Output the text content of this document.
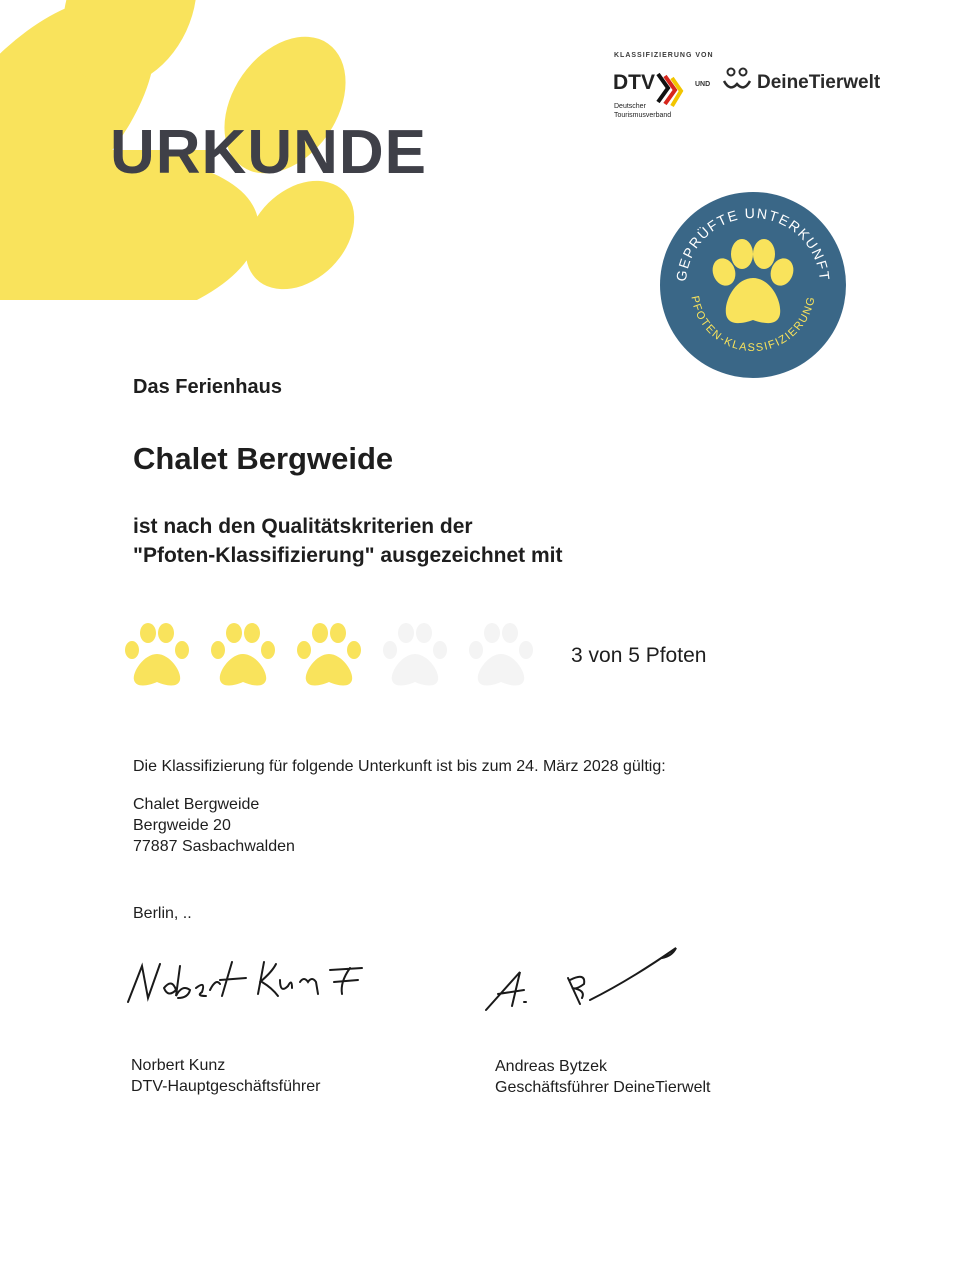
URKUNDE
KLASSIFIZIERUNG VON
DTV
Deutscher
Tourismusverband
UND DeineTierwelt
GEPRÜFTE UNTERKUNFT
PFOTEN-KLASSIFIZIERUNG
Das Ferienhaus
Chalet Bergweide
ist nach den Qualitätskriterien der
"Pfoten-Klassifizierung" ausgezeichnet mit
3 von 5 Pfoten
Die Klassifizierung für folgende Unterkunft ist bis zum 24. März 2028 gültig:
Chalet Bergweide
Bergweide 20
77887 Sasbachwalden
Berlin, ..
Norbert Kunz
DTV-Hauptgeschäftsführer
Andreas Bytzek
Geschäftsführer DeineTierwelt
